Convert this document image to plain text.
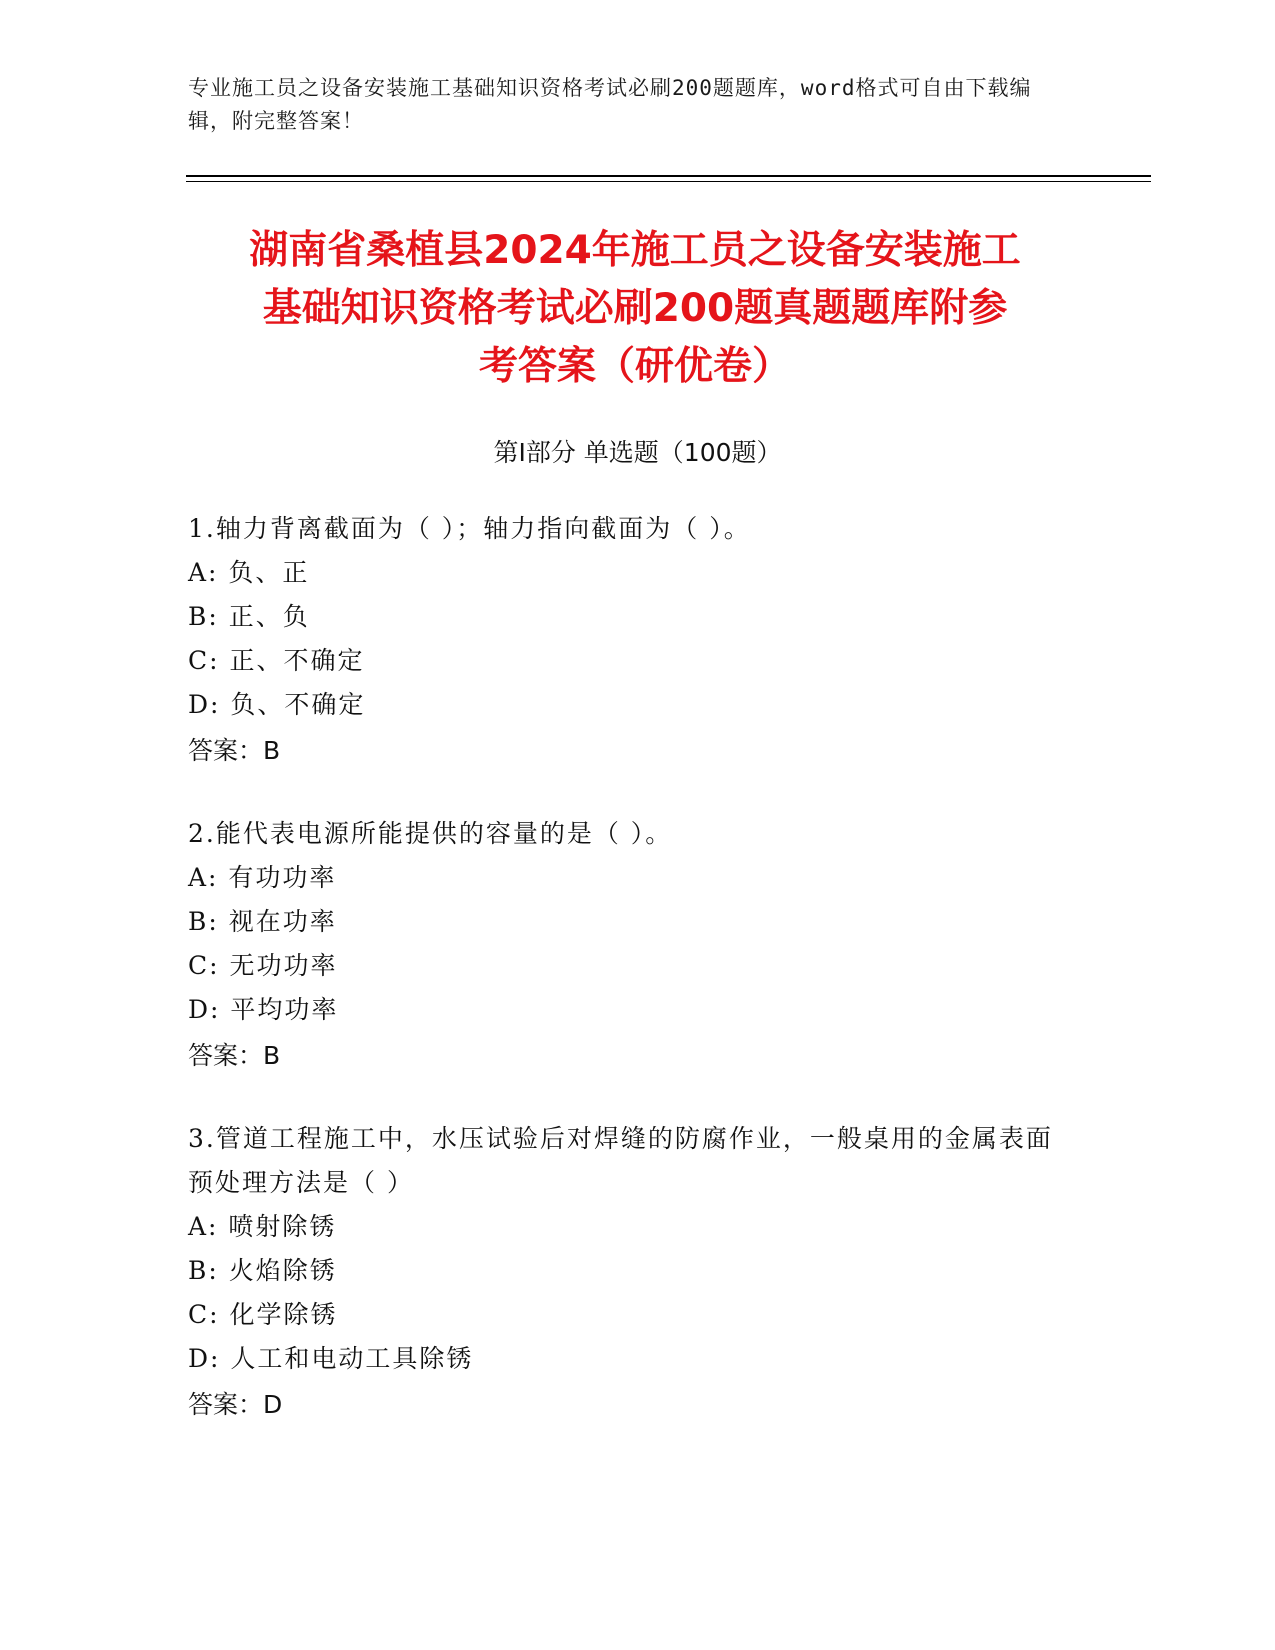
专业施工员之设备安装施工基础知识资格考试必刷200题题库，word格式可自由下载编辑，附完整答案！
湖南省桑植县2024年施工员之设备安装施工
基础知识资格考试必刷200题真题题库附参
考答案（研优卷）
第Ⅰ部分 单选题（100题）

1.轴力背离截面为（ ）；轴力指向截面为（ ）。

A: 负、正

B: 正、负

C: 正、不确定

D: 负、不确定

答案：B

2.能代表电源所能提供的容量的是（ ）。

A: 有功功率

B: 视在功率

C: 无功功率

D: 平均功率

答案：B

3.管道工程施工中，水压试验后对焊缝的防腐作业，一般桌用的金属表面预处理方法是（ ）

A: 喷射除锈

B: 火焰除锈

C: 化学除锈

D: 人工和电动工具除锈

答案：D
